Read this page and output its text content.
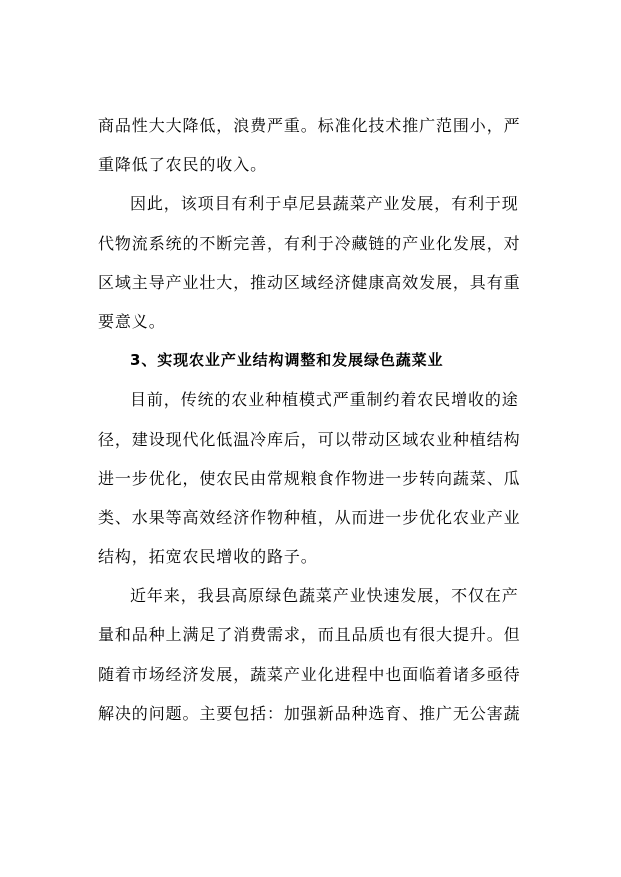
商品性大大降低，浪费严重。标准化技术推广范围小，严
重降低了农民的收入。
因此，该项目有利于卓尼县蔬菜产业发展，有利于现
代物流系统的不断完善，有利于冷藏链的产业化发展，对
区域主导产业壮大，推动区域经济健康高效发展，具有重
要意义。
3、实现农业产业结构调整和发展绿色蔬菜业
目前，传统的农业种植模式严重制约着农民增收的途
径，建设现代化低温冷库后，可以带动区域农业种植结构
进一步优化，使农民由常规粮食作物进一步转向蔬菜、瓜
类、水果等高效经济作物种植，从而进一步优化农业产业
结构，拓宽农民增收的路子。
近年来，我县高原绿色蔬菜产业快速发展，不仅在产
量和品种上满足了消费需求，而且品质也有很大提升。但
随着市场经济发展，蔬菜产业化进程中也面临着诸多亟待
解决的问题。主要包括：加强新品种选育、推广无公害蔬
